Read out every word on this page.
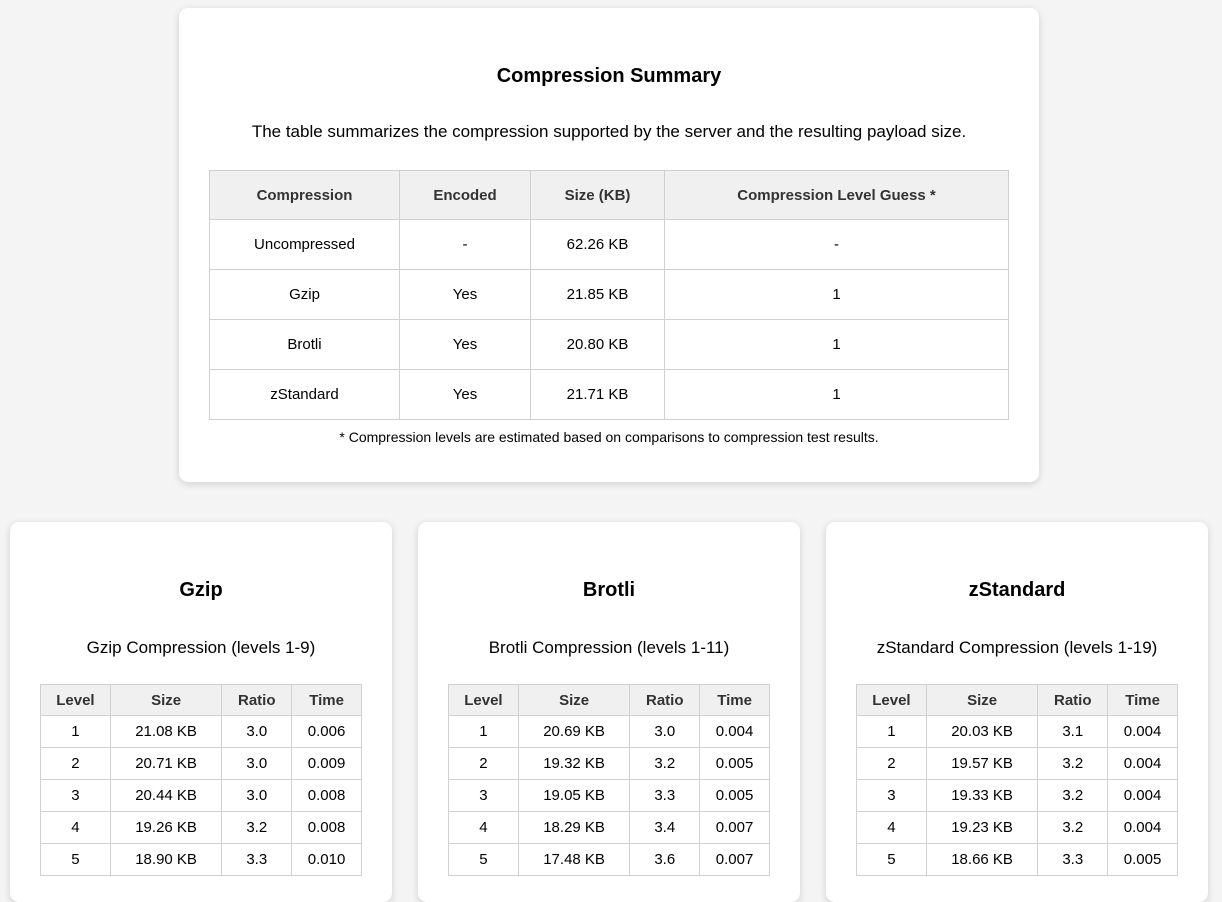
Compression Summary
The table summarizes the compression supported by the server and the resulting payload size.
Compression	Encoded	Size (KB)	Compression Level Guess *
Uncompressed	-	62.26 KB	-
Gzip	Yes	21.85 KB	1
Brotli	Yes	20.80 KB	1
zStandard	Yes	21.71 KB	1
* Compression levels are estimated based on comparisons to compression test results.
Gzip
Gzip Compression (levels 1-9)
Level	Size	Ratio	Time
1	21.08 KB	3.0	0.006
2	20.71 KB	3.0	0.009
3	20.44 KB	3.0	0.008
4	19.26 KB	3.2	0.008
5	18.90 KB	3.3	0.010
Brotli
Brotli Compression (levels 1-11)
Level	Size	Ratio	Time
1	20.69 KB	3.0	0.004
2	19.32 KB	3.2	0.005
3	19.05 KB	3.3	0.005
4	18.29 KB	3.4	0.007
5	17.48 KB	3.6	0.007
zStandard
zStandard Compression (levels 1-19)
Level	Size	Ratio	Time
1	20.03 KB	3.1	0.004
2	19.57 KB	3.2	0.004
3	19.33 KB	3.2	0.004
4	19.23 KB	3.2	0.004
5	18.66 KB	3.3	0.005
